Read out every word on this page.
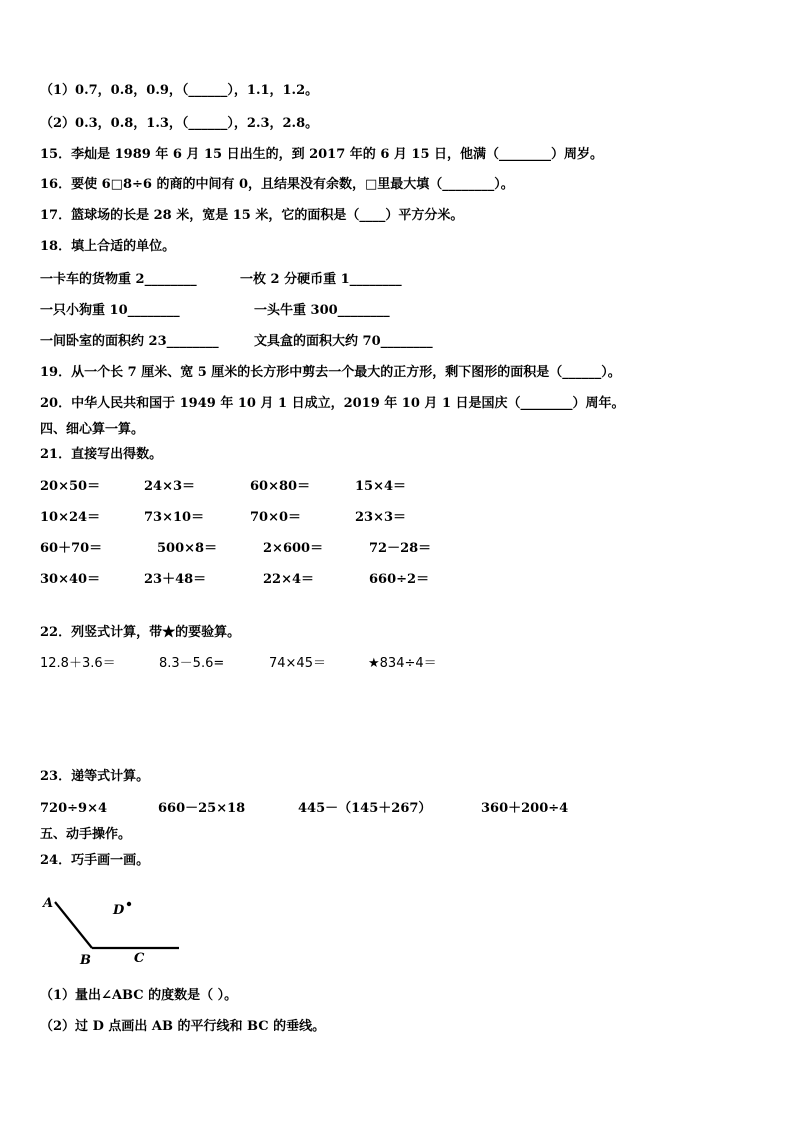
（1）0.7，0.8，0.9，（______），1.1，1.2。
（2）0.3，0.8，1.3，（______），2.3，2.8。
15．李灿是 1989 年 6 月 15 日出生的，到 2017 年的 6 月 15 日，他满（________）周岁。
16．要使 6□8÷6 的商的中间有 0，且结果没有余数，□里最大填（________）。
17．篮球场的长是 28 米，宽是 15 米，它的面积是（____）平方分米。
18．填上合适的单位。
一卡车的货物重 2________	一枚 2 分硬币重 1________
一只小狗重 10________	一头牛重 300________
一间卧室的面积约 23________	文具盒的面积大约 70________
19．从一个长 7 厘米、宽 5 厘米的长方形中剪去一个最大的正方形，剩下图形的面积是（______）。
20．中华人民共和国于 1949 年 10 月 1 日成立，2019 年 10 月 1 日是国庆（________）周年。
四、细心算一算。
21．直接写出得数。
20×50＝	24×3＝	60×80＝	15×4＝
10×24＝	73×10＝	70×0＝	23×3＝
60＋70＝	500×8＝	2×600＝	72－28＝
30×40＝	23＋48＝	22×4＝	660÷2＝
22．列竖式计算，带★的要验算。
12.8＋3.6＝	8.3－5.6=	74×45＝	★834÷4＝
23．递等式计算。
720÷9×4	660－25×18	445－（145＋267）	360＋200÷4
五、动手操作。
24．巧手画一画。
A
B	C
D
（1）量出∠ABC 的度数是（ ）。
（2）过 D 点画出 AB 的平行线和 BC 的垂线。
